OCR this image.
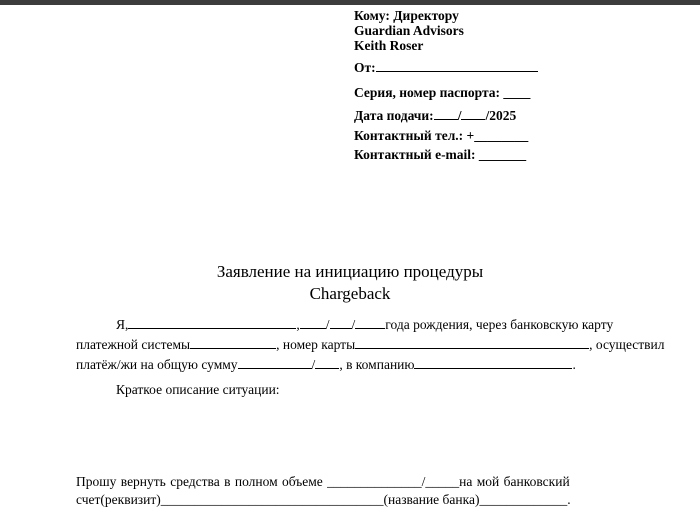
Кому: Директору
Guardian Advisors
Keith Roser
От:
Серия, номер паспорта: ____
Дата подачи: / /2025
Контактный тел.: +________
Контактный e-mail: _______
Заявление на инициацию процедуры
Chargeback
Я,	, / / года рождения, через банковскую карту
платежной системы	, номер карты	, осуществил
платёж/жи на общую сумму	/ , в компанию	.
Краткое описание ситуации:
Прошу вернуть средства в полном объеме ______________/_____на мой банковский
счет(реквизит)_________________________________(название банка)_____________.
